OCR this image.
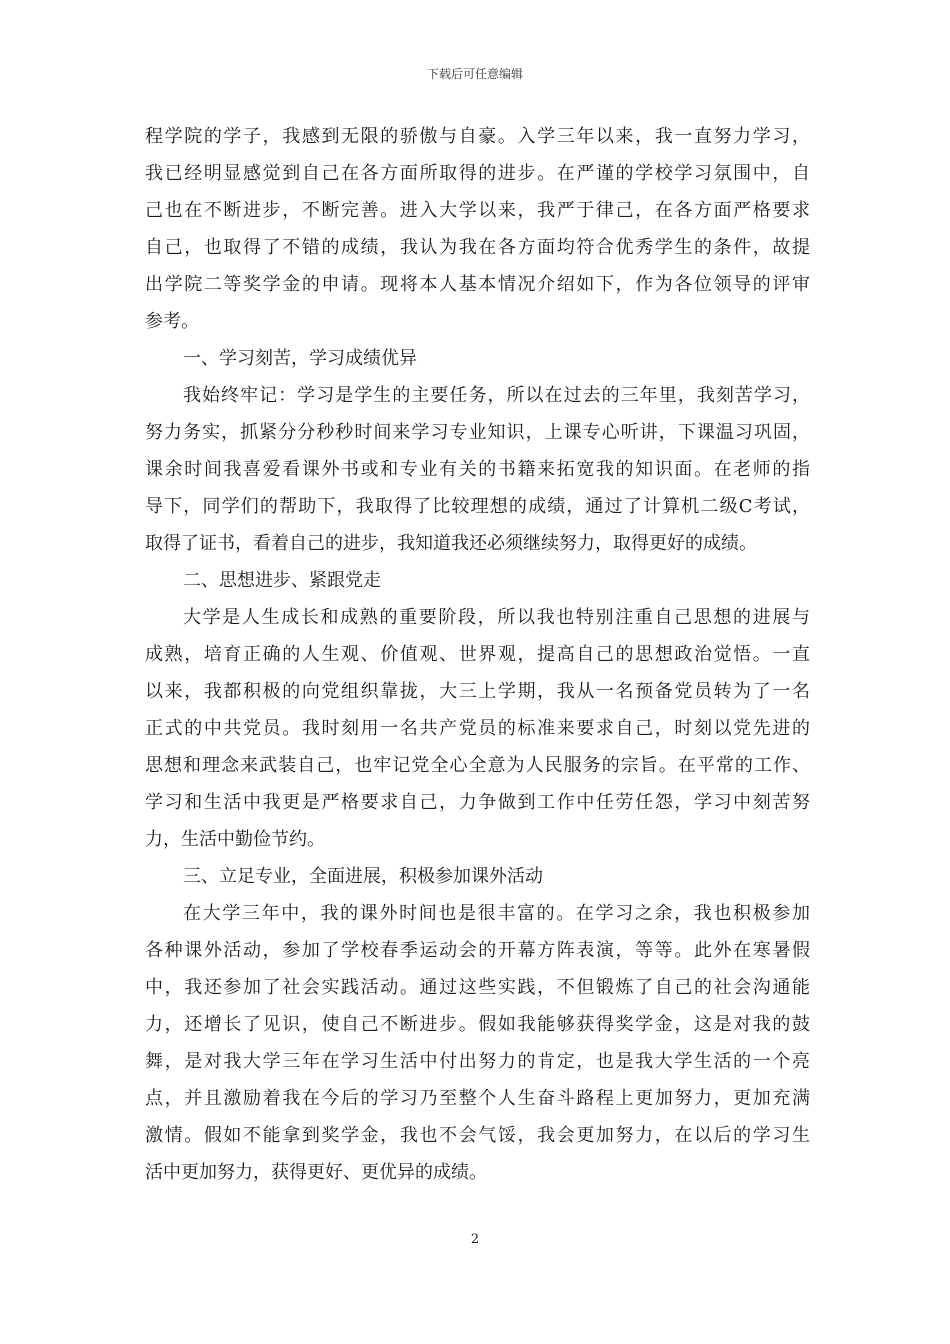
下载后可任意编辑
程学院的学子，我感到无限的骄傲与自豪。入学三年以来，我一直努力学习，
我已经明显感觉到自己在各方面所取得的进步。在严谨的学校学习氛围中，自
己也在不断进步，不断完善。进入大学以来，我严于律己，在各方面严格要求
自己，也取得了不错的成绩，我认为我在各方面均符合优秀学生的条件，故提
出学院二等奖学金的申请。现将本人基本情况介绍如下，作为各位领导的评审
参考。
一、学习刻苦，学习成绩优异
我始终牢记：学习是学生的主要任务，所以在过去的三年里，我刻苦学习，
努力务实，抓紧分分秒秒时间来学习专业知识，上课专心听讲，下课温习巩固，
课余时间我喜爱看课外书或和专业有关的书籍来拓宽我的知识面。在老师的指
导下，同学们的帮助下，我取得了比较理想的成绩，通过了计算机二级C考试，
取得了证书，看着自己的进步，我知道我还必须继续努力，取得更好的成绩。
二、思想进步、紧跟党走
大学是人生成长和成熟的重要阶段，所以我也特别注重自己思想的进展与
成熟，培育正确的人生观、价值观、世界观，提高自己的思想政治觉悟。一直
以来，我都积极的向党组织靠拢，大三上学期，我从一名预备党员转为了一名
正式的中共党员。我时刻用一名共产党员的标准来要求自己，时刻以党先进的
思想和理念来武装自己，也牢记党全心全意为人民服务的宗旨。在平常的工作、
学习和生活中我更是严格要求自己，力争做到工作中任劳任怨，学习中刻苦努
力，生活中勤俭节约。
三、立足专业，全面进展，积极参加课外活动
在大学三年中，我的课外时间也是很丰富的。在学习之余，我也积极参加
各种课外活动，参加了学校春季运动会的开幕方阵表演，等等。此外在寒暑假
中，我还参加了社会实践活动。通过这些实践，不但锻炼了自己的社会沟通能
力，还增长了见识，使自己不断进步。假如我能够获得奖学金，这是对我的鼓
舞，是对我大学三年在学习生活中付出努力的肯定，也是我大学生活的一个亮
点，并且激励着我在今后的学习乃至整个人生奋斗路程上更加努力，更加充满
激情。假如不能拿到奖学金，我也不会气馁，我会更加努力，在以后的学习生
活中更加努力，获得更好、更优异的成绩。
2
